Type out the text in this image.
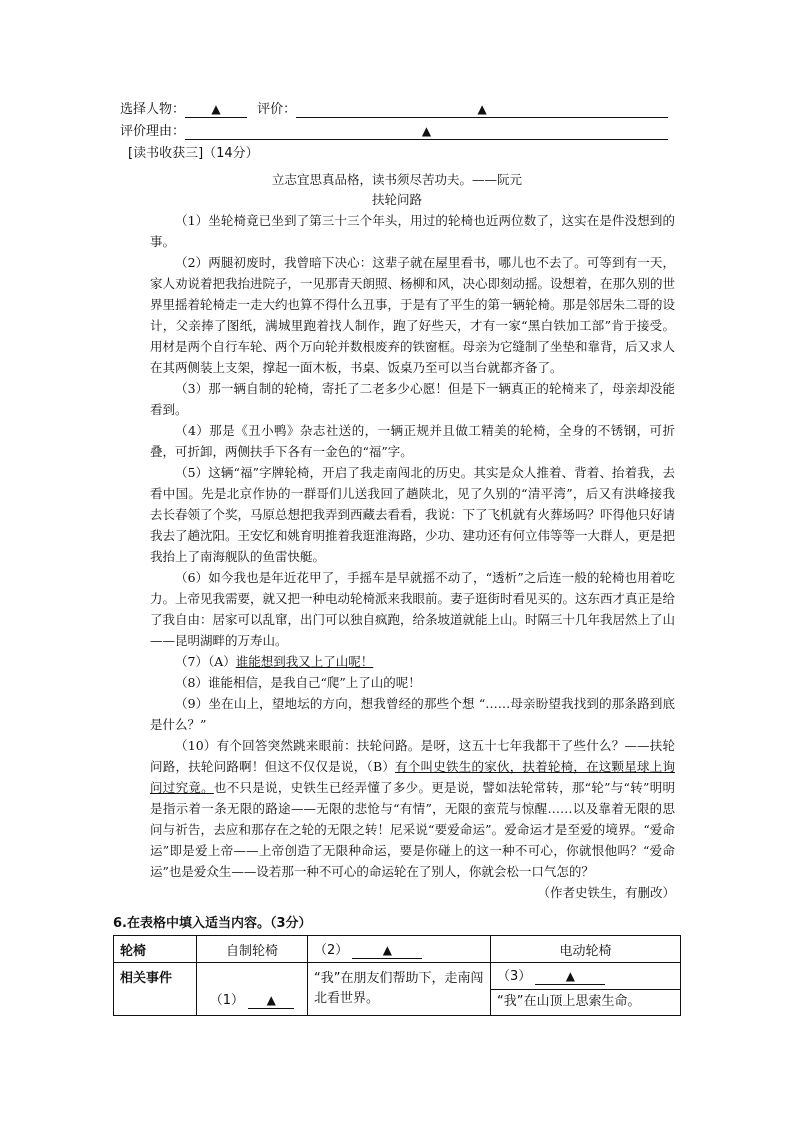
选择人物： ▲	评价：	▲
评价理由：	▲
[读书收获三]（14分）
立志宜思真品格，读书须尽苦功夫。——阮元
扶轮问路

（1）坐轮椅竟已坐到了第三十三个年头，用过的轮椅也近两位数了，这实在是件没想到的事。

（2）两腿初废时，我曾暗下决心：这辈子就在屋里看书，哪儿也不去了。可等到有一天，家人劝说着把我抬进院子，一见那青天朗照、杨柳和风，决心即刻动摇。设想着，在那久别的世界里摇着轮椅走一走大约也算不得什么丑事，于是有了平生的第一辆轮椅。那是邻居朱二哥的设计，父亲捧了图纸，满城里跑着找人制作，跑了好些天，才有一家“黑白铁加工部”肯于接受。用材是两个自行车轮、两个万向轮并数根废弃的铁窗框。母亲为它缝制了坐垫和靠背，后又求人在其两侧装上支架，撑起一面木板，书桌、饭桌乃至可以当台就都齐备了。

（3）那一辆自制的轮椅，寄托了二老多少心愿！但是下一辆真正的轮椅来了，母亲却没能看到。

（4）那是《丑小鸭》杂志社送的，一辆正规并且做工精美的轮椅，全身的不锈钢，可折叠，可折卸，两侧扶手下各有一金色的“福”字。

（5）这辆“福”字牌轮椅，开启了我走南闯北的历史。其实是众人推着、背着、抬着我，去看中国。先是北京作协的一群哥们儿送我回了趟陕北，见了久别的“清平湾”，后又有洪峰接我去长春领了个奖，马原总想把我弄到西藏去看看，我说：下了飞机就有火葬场吗？吓得他只好请我去了趟沈阳。王安忆和姚育明推着我逛淮海路，少功、建功还有何立伟等等一大群人，更是把我抬上了南海舰队的鱼雷快艇。

（6）如今我也是年近花甲了，手摇车是早就摇不动了，“透析”之后连一般的轮椅也用着吃力。上帝见我需要，就又把一种电动轮椅派来我眼前。妻子逛街时看见买的。这东西才真正是给了我自由：居家可以乱窜，出门可以独自疯跑，给条坡道就能上山。时隔三十几年我居然上了山——昆明湖畔的万寿山。

（7）（A）谁能想到我又上了山呢！

（8）谁能相信，是我自己“爬”上了山的呢！

（9）坐在山上，望地坛的方向，想我曾经的那些个想 “……母亲盼望我找到的那条路到底是什么？”

（10）有个回答突然跳来眼前：扶轮问路。是呀，这五十七年我都干了些什么？——扶轮问路，扶轮问路啊！但这不仅仅是说，（B）有个叫史铁生的家伙，扶着轮椅，在这颗星球上询问过究竟。也不只是说，史铁生已经弄懂了多少。更是说，譬如法轮常转，那“轮”与“转”明明是指示着一条无限的路途——无限的悲怆与“有情”，无限的蛮荒与惊醒……以及靠着无限的思问与祈告，去应和那存在之轮的无限之转！尼采说“要爱命运”。爱命运才是至爱的境界。“爱命运”即是爱上帝——上帝创造了无限种命运，要是你碰上的这一种不可心，你就恨他吗？“爱命运”也是爱众生——设若那一种不可心的命运轮在了别人，你就会松一口气怎的？

（作者史铁生，有删改）

6.在表格中填入适当内容。（3分）
轮椅	自制轮椅	（2） ▲	电动轮椅
相关事件	（1） ▲	“我”在朋友们帮助下，走南闯北看世界。	（3） ▲
“我”在山顶上思索生命。
